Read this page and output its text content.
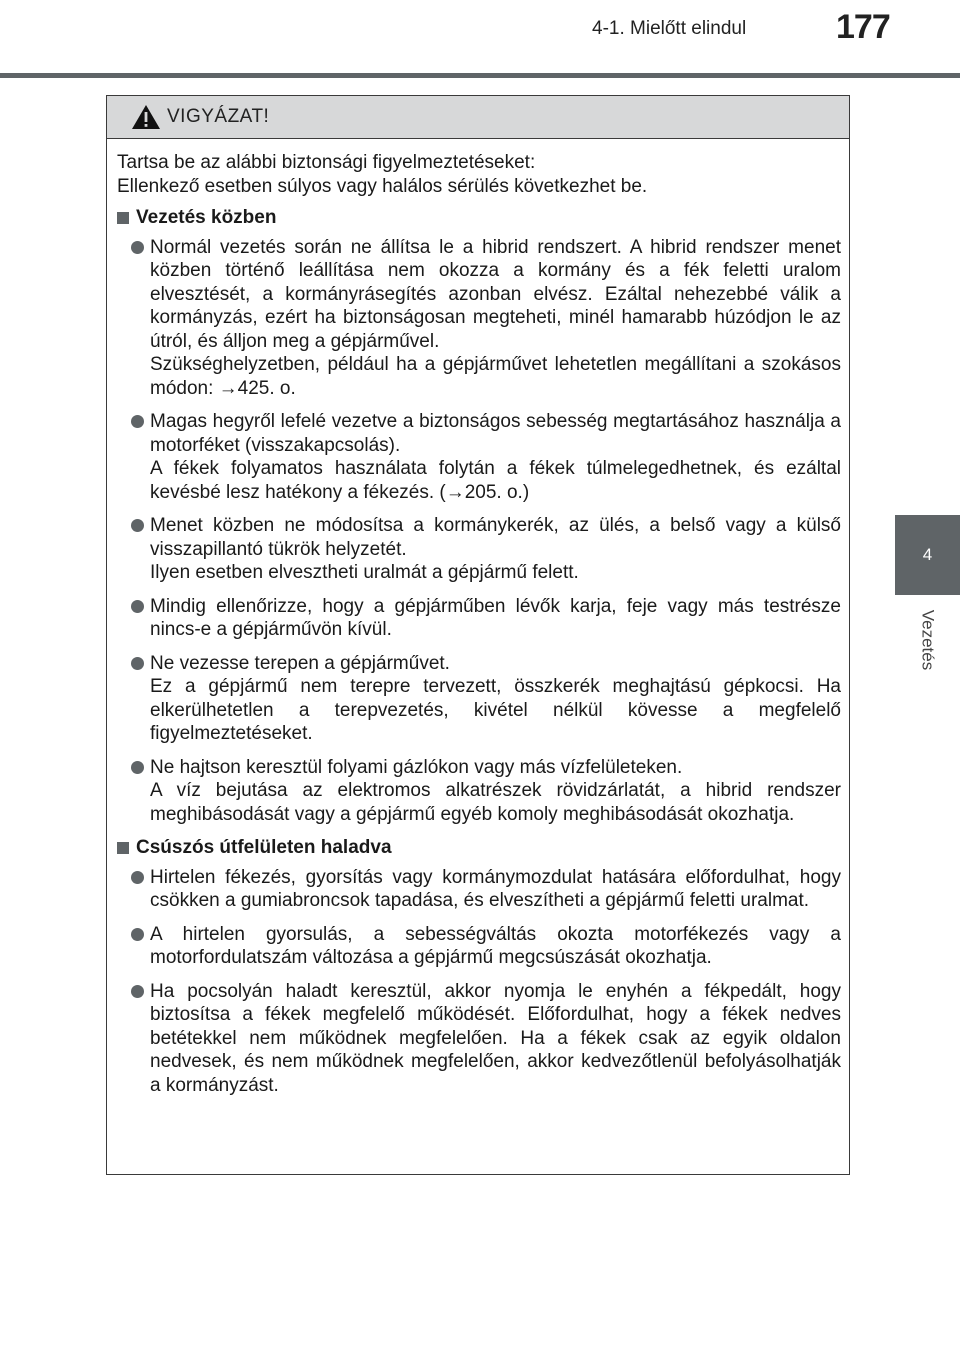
4-1. Mielőtt elindul	177
4
Vezetés
VIGYÁZAT!
Tartsa be az alábbi biztonsági figyelmeztetéseket:
Ellenkező esetben súlyos vagy halálos sérülés következhet be.
Vezetés közben

Normál vezetés során ne állítsa le a hibrid rendszert. A hibrid rendszer menet közben történő leállítása nem okozza a kormány és a fék feletti uralom elvesztését, a kormányrásegítés azonban elvész. Ezáltal nehezebbé válik a kormányzás, ezért ha biztonságosan megteheti, minél hamarabb húzódjon le az útról, és álljon meg a gépjárművel.

Szükséghelyzetben, például ha a gépjárművet lehetetlen megállítani a szokásos módon: →425. o.

Magas hegyről lefelé vezetve a biztonságos sebesség megtartásához használja a motorféket (visszakapcsolás).

A fékek folyamatos használata folytán a fékek túlmelegedhetnek, és ezáltal kevésbé lesz hatékony a fékezés. (→205. o.)

Menet közben ne módosítsa a kormánykerék, az ülés, a belső vagy a külső visszapillantó tükrök helyzetét.

Ilyen esetben elvesztheti uralmát a gépjármű felett.

Mindig ellenőrizze, hogy a gépjárműben lévők karja, feje vagy más testrésze nincs-e a gépjárművön kívül.

Ne vezesse terepen a gépjárművet.

Ez a gépjármű nem terepre tervezett, összkerék meghajtású gépkocsi. Ha elkerülhetetlen a terepvezetés, kivétel nélkül kövesse a megfelelő figyelmeztetéseket.

Ne hajtson keresztül folyami gázlókon vagy más vízfelületeken.

A víz bejutása az elektromos alkatrészek rövidzárlatát, a hibrid rendszer meghibásodását vagy a gépjármű egyéb komoly meghibásodását okozhatja.

Csúszós útfelületen haladva

Hirtelen fékezés, gyorsítás vagy kormánymozdulat hatására előfordulhat, hogy csökken a gumiabroncsok tapadása, és elveszítheti a gépjármű feletti uralmat.

A hirtelen gyorsulás, a sebességváltás okozta motorfékezés vagy a motorfordulatszám változása a gépjármű megcsúszását okozhatja.

Ha pocsolyán haladt keresztül, akkor nyomja le enyhén a fékpedált, hogy biztosítsa a fékek megfelelő működését. Előfordulhat, hogy a fékek nedves betétekkel nem működnek megfelelően. Ha a fékek csak az egyik oldalon nedvesek, és nem működnek megfelelően, akkor kedvezőtlenül befolyásolhatják a kormányzást.
